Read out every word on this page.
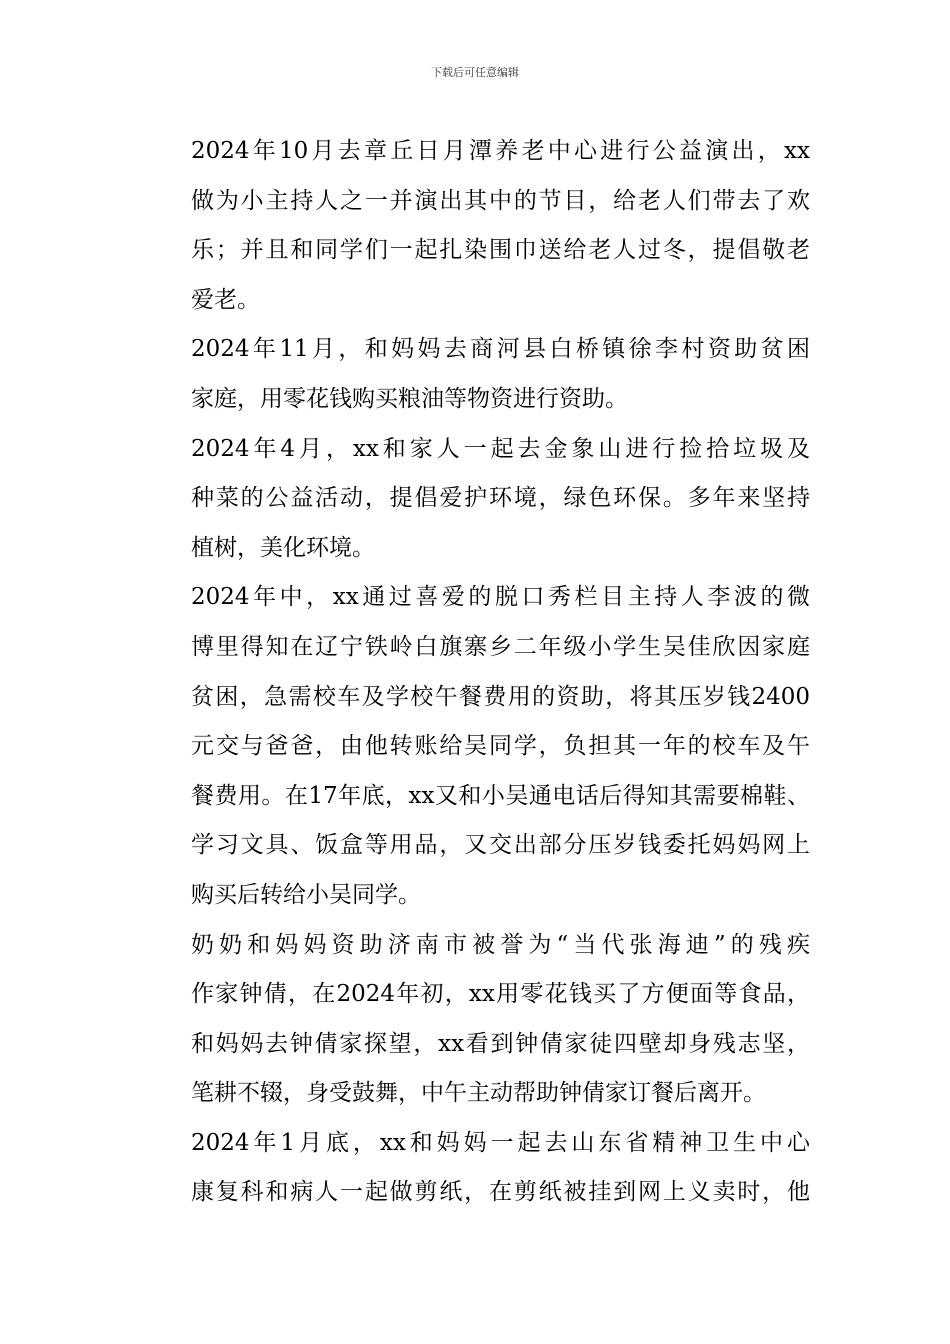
下载后可任意编辑

2024年10月去章丘日月潭养老中心进行公益演出，xx
做为小主持人之一并演出其中的节目，给老人们带去了欢
乐；并且和同学们一起扎染围巾送给老人过冬，提倡敬老
爱老。

2024年11月，和妈妈去商河县白桥镇徐李村资助贫困
家庭，用零花钱购买粮油等物资进行资助。

2024年4月，xx和家人一起去金象山进行捡拾垃圾及
种菜的公益活动，提倡爱护环境，绿色环保。多年来坚持
植树，美化环境。

2024年中，xx通过喜爱的脱口秀栏目主持人李波的微
博里得知在辽宁铁岭白旗寨乡二年级小学生吴佳欣因家庭
贫困，急需校车及学校午餐费用的资助，将其压岁钱2400
元交与爸爸，由他转账给吴同学，负担其一年的校车及午
餐费用。在17年底，xx又和小吴通电话后得知其需要棉鞋、
学习文具、饭盒等用品，又交出部分压岁钱委托妈妈网上
购买后转给小吴同学。

奶奶和妈妈资助济南市被誉为“当代张海迪”的残疾
作家钟倩，在2024年初，xx用零花钱买了方便面等食品，
和妈妈去钟倩家探望，xx看到钟倩家徒四壁却身残志坚，
笔耕不辍，身受鼓舞，中午主动帮助钟倩家订餐后离开。

2024年1月底，xx和妈妈一起去山东省精神卫生中心
康复科和病人一起做剪纸，在剪纸被挂到网上义卖时，他
